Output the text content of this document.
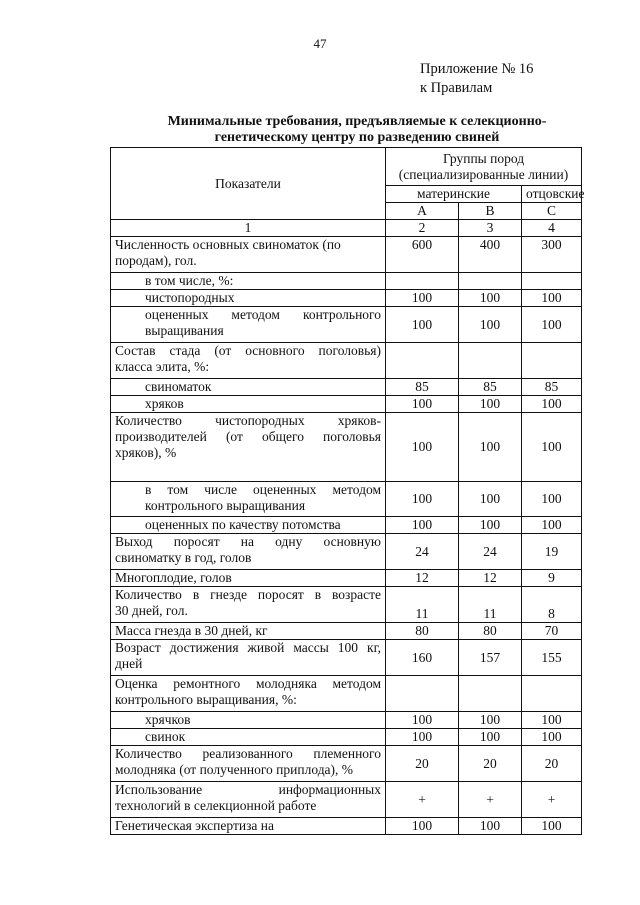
47
Приложение № 16
к Правилам
Минимальные требования, предъявляемые к селекционно-
генетическому центру по разведению свиней
Показатели	Группы пород (специализированные линии)		
	материнские		отцовские
	A	B	C
1	2	3	4
Численность основных свиноматок (по породам), гол.	600	400	300
в том числе, %:			
чистопородных	100	100	100

оцененных методом контрольного
выращивания	100	100	100

Состав стада (от основного поголовья)
класса элита, %:			
свиноматок	85	85	85
хряков	100	100	100

Количество чистопородных хряков-
производителей (от общего поголовья
хряков), %	100	100	100

в том числе оцененных методом
контрольного выращивания	100	100	100
оцененных по качеству потомства	100	100	100

Выход поросят на одну основную
свиноматку в год, голов	24	24	19
Многоплодие, голов	12	12	9

Количество в гнезде поросят в возрасте
30 дней, гол.	11	11	8
Масса гнезда в 30 дней, кг	80	80	70

Возраст достижения живой массы 100 кг,
дней	160	157	155

Оценка ремонтного молодняка методом
контрольного выращивания, %:			
хрячков	100	100	100
свинок	100	100	100

Количество реализованного племенного
молодняка (от полученного приплода), %	20	20	20

Использование информационных
технологий в селекционной работе	+	+	+
Генетическая экспертиза на	100	100	100
